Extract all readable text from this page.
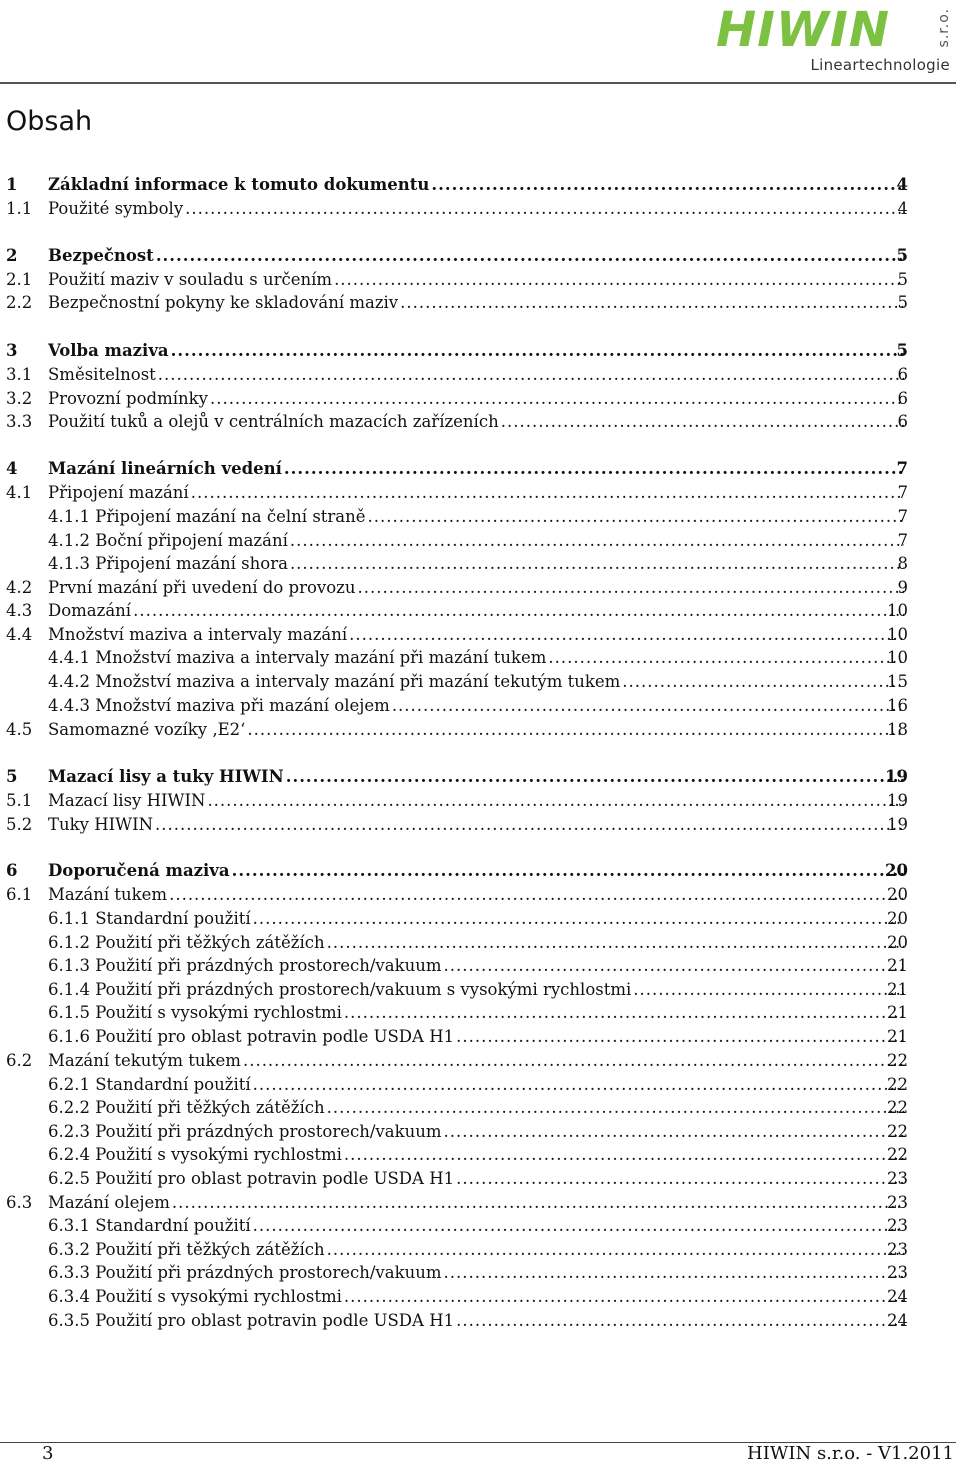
HIWIN	s.r.o.
Lineartechnologie
Obsah
1 Základní informace k tomuto dokumentu .....	4
1.1 Použité symboly .....	4
2 Bezpečnost .....	5
2.1 Použití maziv v souladu s určením .....	5
2.2 Bezpečnostní pokyny ke skladování maziv .....	5
3 Volba maziva .....	5
3.1 Směsitelnost .....	6
3.2 Provozní podmínky .....	6
3.3 Použití tuků a olejů v centrálních mazacích zařízeních .....	6
4 Mazání lineárních vedení .....	7
4.1 Připojení mazání .....	7
4.1.1 Připojení mazání na čelní straně .....	7
4.1.2 Boční připojení mazání .....	7
4.1.3 Připojení mazání shora .....	8
4.2 První mazání při uvedení do provozu .....	9
4.3 Domazání .....	10
4.4 Množství maziva a intervaly mazání .....	10
4.4.1 Množství maziva a intervaly mazání při mazání tukem .....	10
4.4.2 Množství maziva a intervaly mazání při mazání tekutým tukem .....	15
4.4.3 Množství maziva při mazání olejem .....	16
4.5 Samomazné vozíky ‚E2‘ .....	18
5 Mazací lisy a tuky HIWIN .....	19
5.1 Mazací lisy HIWIN .....	19
5.2 Tuky HIWIN .....	19
6 Doporučená maziva .....	20
6.1 Mazání tukem .....	20
6.1.1 Standardní použití .....	20
6.1.2 Použití při těžkých zátěžích .....	20
6.1.3 Použití při prázdných prostorech/vakuum .....	21
6.1.4 Použití při prázdných prostorech/vakuum s vysokými rychlostmi .....	21
6.1.5 Použití s vysokými rychlostmi .....	21
6.1.6 Použití pro oblast potravin podle USDA H1 .....	21
6.2 Mazání tekutým tukem .....	22
6.2.1 Standardní použití .....	22
6.2.2 Použití při těžkých zátěžích .....	22
6.2.3 Použití při prázdných prostorech/vakuum .....	22
6.2.4 Použití s vysokými rychlostmi .....	22
6.2.5 Použití pro oblast potravin podle USDA H1 .....	23
6.3 Mazání olejem .....	23
6.3.1 Standardní použití .....	23
6.3.2 Použití při těžkých zátěžích .....	23
6.3.3 Použití při prázdných prostorech/vakuum .....	23
6.3.4 Použití s vysokými rychlostmi .....	24
6.3.5 Použití pro oblast potravin podle USDA H1 .....	24
3	HIWIN s.r.o. - V1.2011
